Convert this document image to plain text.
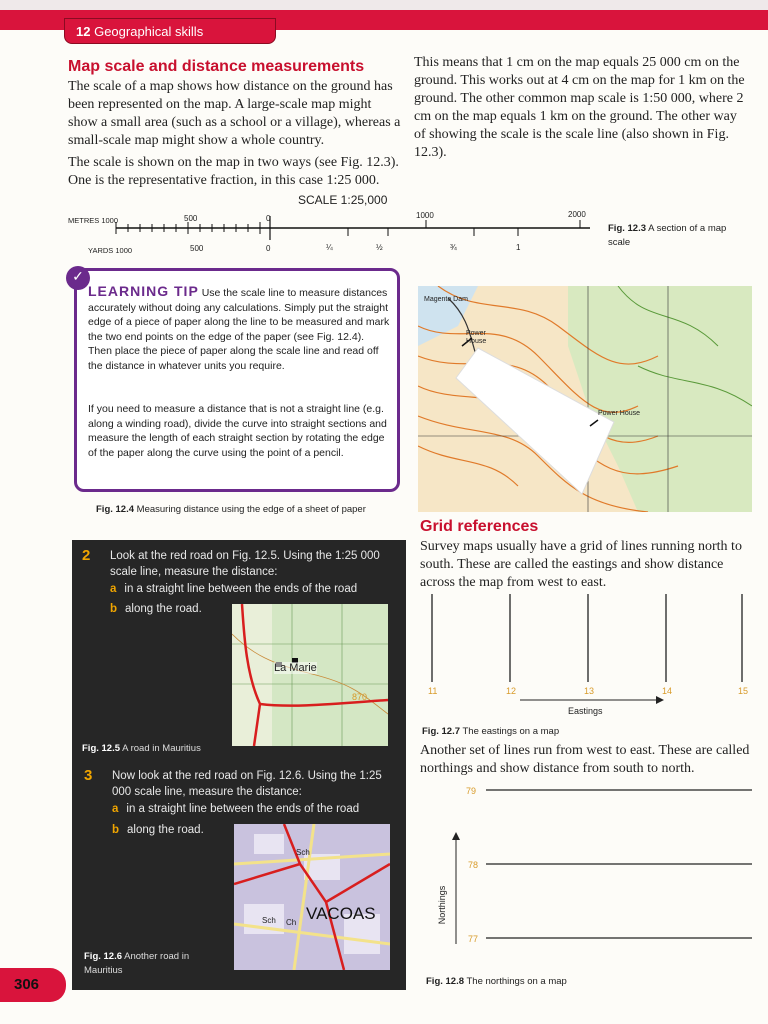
12 Geographical skills
Map scale and distance measurements
The scale of a map shows how distance on the ground has been represented on the map. A large-scale map might show a small area (such as a school or a village), whereas a small-scale map might show a whole country.
The scale is shown on the map in two ways (see Fig. 12.3). One is the representative fraction, in this case 1:25 000.
This means that 1 cm on the map equals 25 000 cm on the ground. This works out at 4 cm on the map for 1 km on the ground. The other common map scale is 1:50 000, where 2 cm on the map equals 1 km on the ground. The other way of showing the scale is the scale line (also shown in Fig. 12.3).
SCALE 1:25,000
METRES 1000	500	0	1000	2000
YARDS 1000	500	0	¼	½	¾	1
Fig. 12.3 A section of a map scale
✓
LEARNING TIP Use the scale line to measure distances accurately without doing any calculations. Simply put the straight edge of a piece of paper along the line to be measured and mark the two end points on the edge of the paper (see Fig. 12.4). Then place the piece of paper along the scale line and read off the distance in whatever units you require.
If you need to measure a distance that is not a straight line (e.g. along a winding road), divide the curve into straight sections and measure the length of each straight section by rotating the edge of the paper along the curve using the point of a pencil.
Magenta Dam
Power House
Power House
Fig. 12.4 Measuring distance using the edge of a sheet of paper
2 Look at the red road on Fig. 12.5. Using the 1:25 000 scale line, measure the distance:
a in a straight line between the ends of the road
b along the road.
La Marie
870
Fig. 12.5 A road in Mauritius
3 Now look at the red road on Fig. 12.6. Using the 1:25 000 scale line, measure the distance:
a in a straight line between the ends of the road
b along the road.
VACOAS
Sch
Sch Ch
Fig. 12.6 Another road in Mauritius
Grid references
Survey maps usually have a grid of lines running north to south. These are called the eastings and show distance across the map from west to east.
11	12	13	14	15
Eastings
Fig. 12.7 The eastings on a map
Another set of lines run from west to east. These are called northings and show distance from south to north.
79
78
77
Northings
Fig. 12.8 The northings on a map
306
